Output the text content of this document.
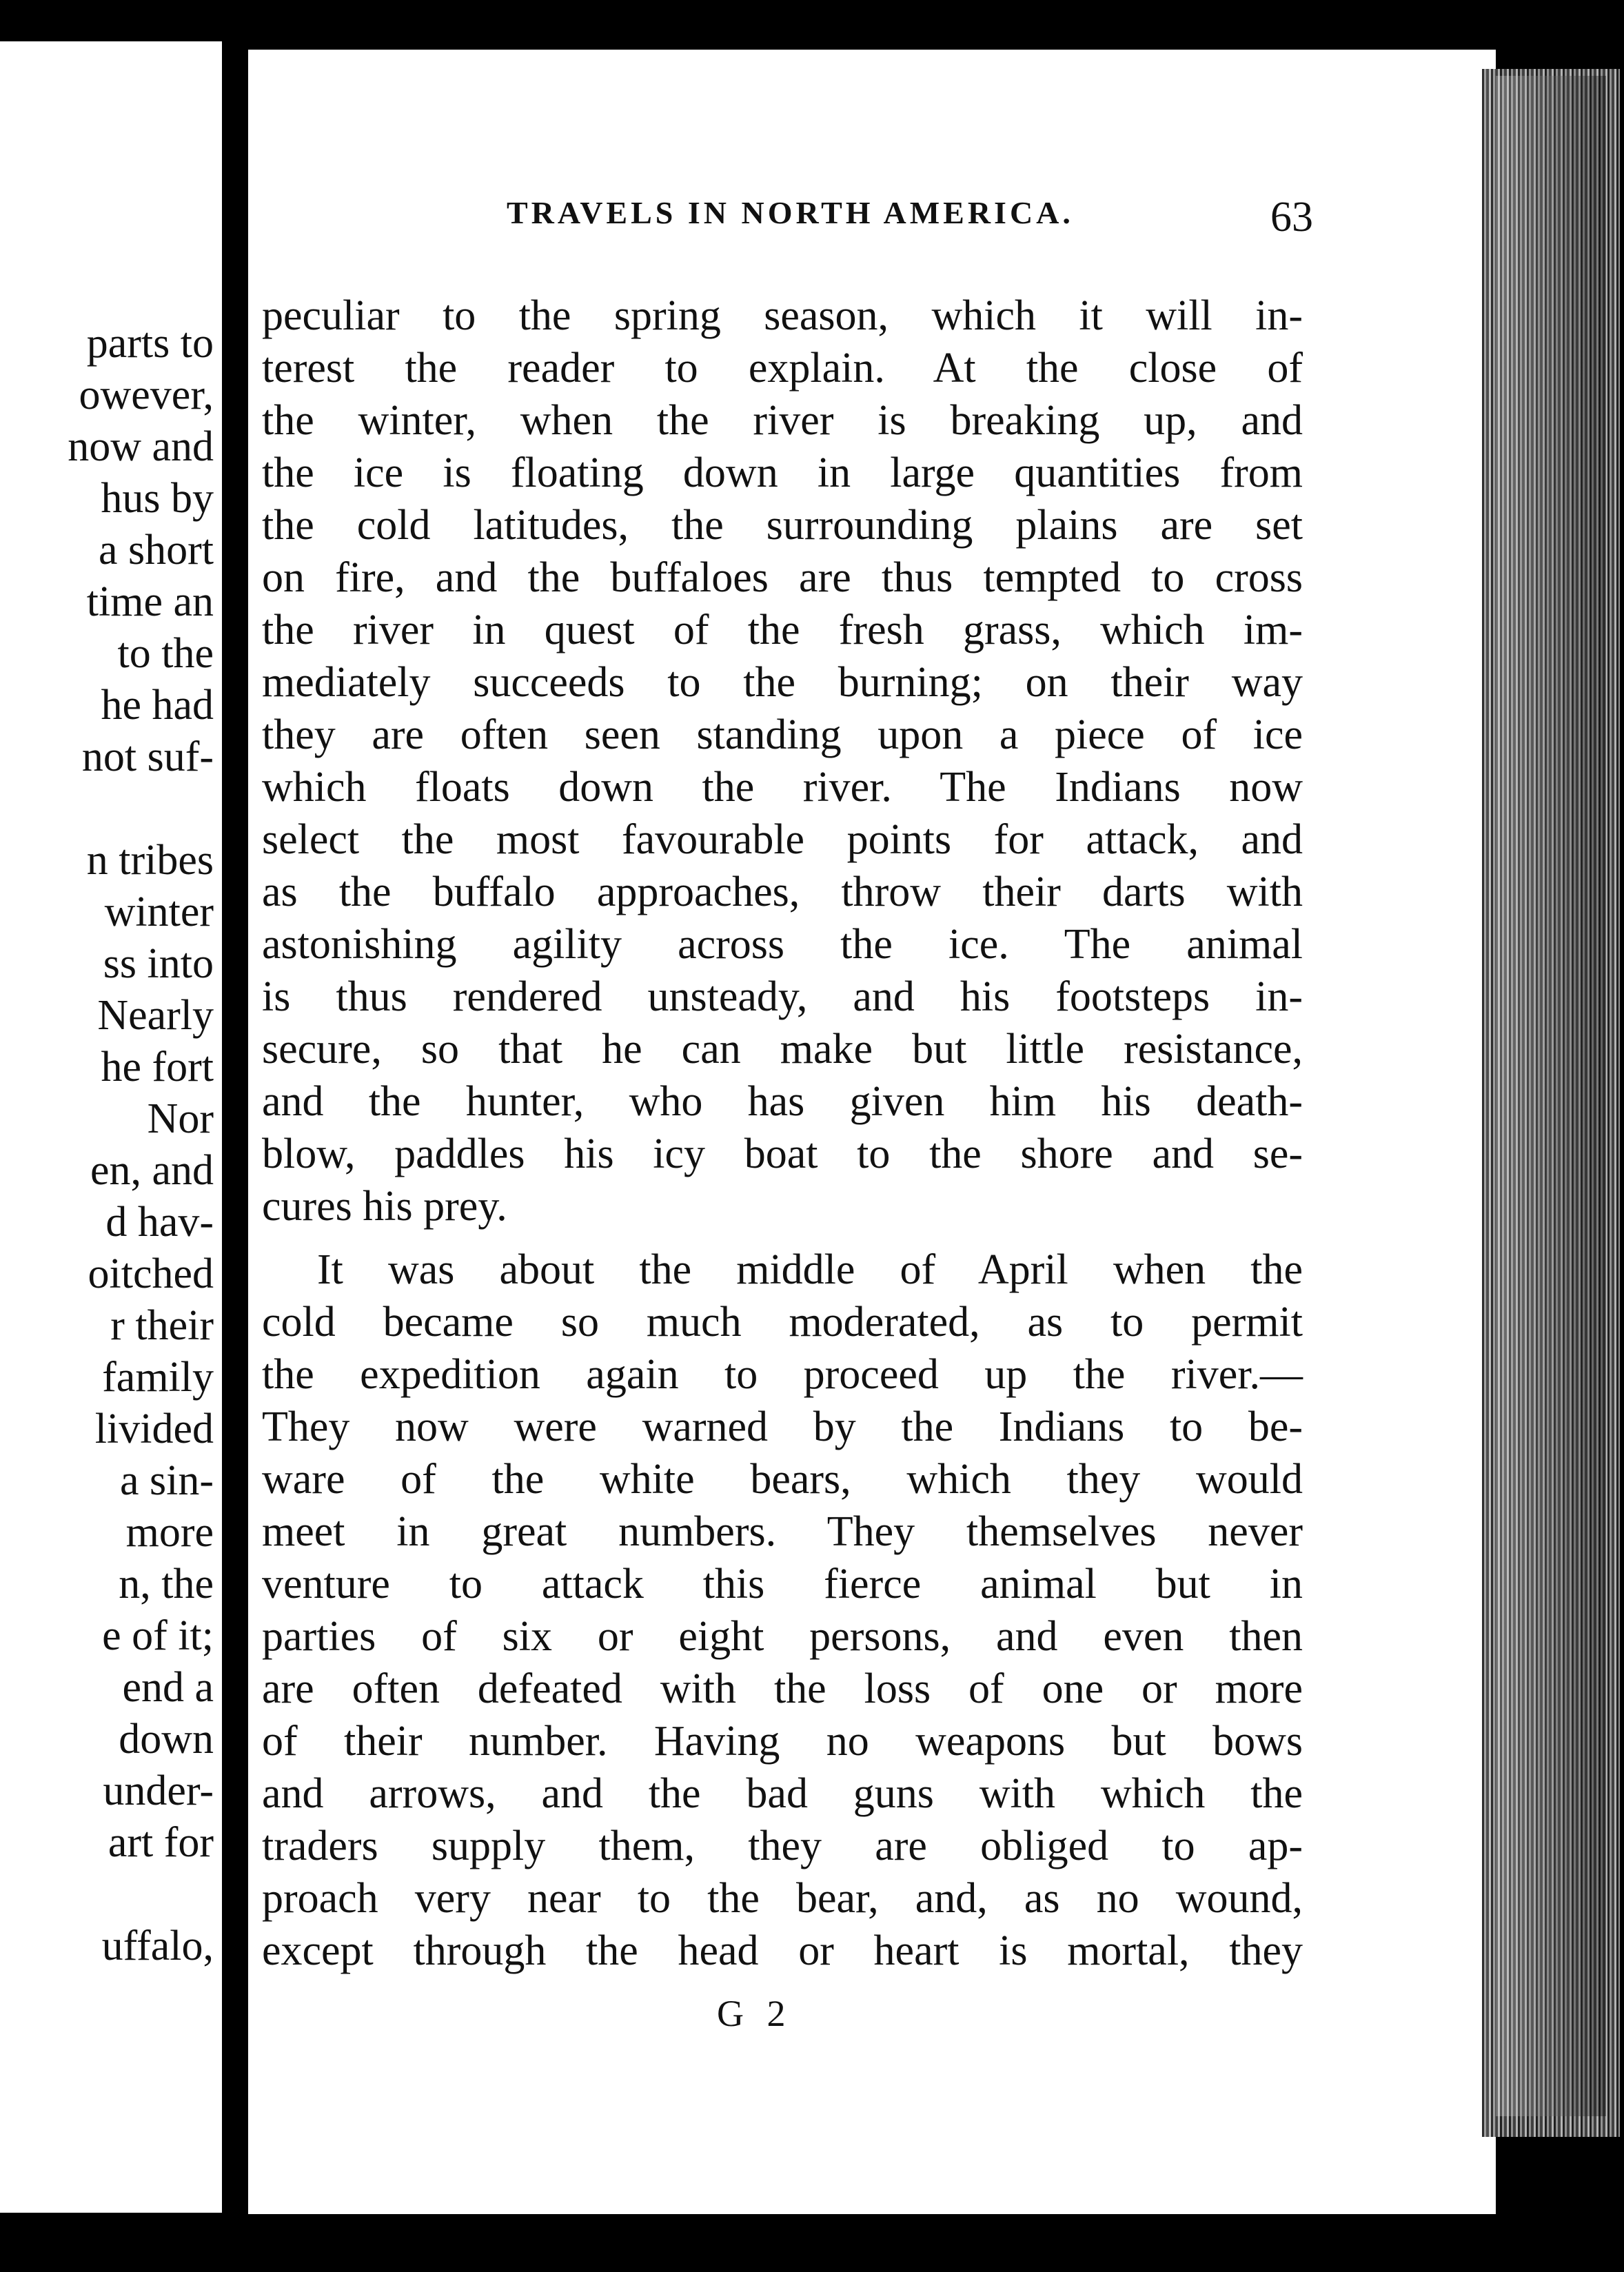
parts to
owever,
now and
hus by
a short
time an
to the
he had
not suf-
n tribes
winter
ss into
Nearly
he fort
Nor
en, and
d hav-
oitched
r their
family
livided
a sin-
more
n, the
e of it;
end a
down
under-
art for
uffalo,
TRAVELS IN NORTH AMERICA.	63
peculiar to the spring season, which it will in-
terest the reader to explain. At the close of
the winter, when the river is breaking up, and
the ice is floating down in large quantities from
the cold latitudes, the surrounding plains are set
on fire, and the buffaloes are thus tempted to cross
the river in quest of the fresh grass, which im-
mediately succeeds to the burning; on their way
they are often seen standing upon a piece of ice
which floats down the river. The Indians now
select the most favourable points for attack, and
as the buffalo approaches, throw their darts with
astonishing agility across the ice. The animal
is thus rendered unsteady, and his footsteps in-
secure, so that he can make but little resistance,
and the hunter, who has given him his death-
blow, paddles his icy boat to the shore and se-
cures his prey.
It was about the middle of April when the
cold became so much moderated, as to permit
the expedition again to proceed up the river.—
They now were warned by the Indians to be-
ware of the white bears, which they would
meet in great numbers. They themselves never
venture to attack this fierce animal but in
parties of six or eight persons, and even then
are often defeated with the loss of one or more
of their number. Having no weapons but bows
and arrows, and the bad guns with which the
traders supply them, they are obliged to ap-
proach very near to the bear, and, as no wound,
except through the head or heart is mortal, they
G 2
